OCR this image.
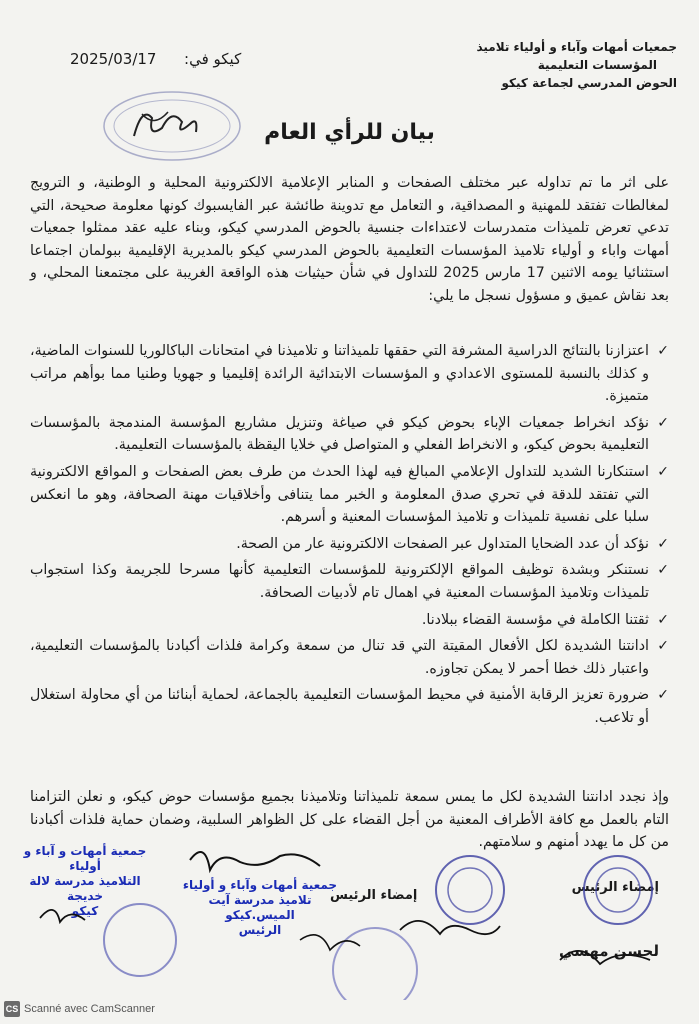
جمعيات أمهات وآباء و أولياء تلاميذ
المؤسسات التعليمية
الحوض المدرسي لجماعة كيكو
2025/03/17 كيكو في:
بيان للرأي العام

على اثر ما تم تداوله عبر مختلف الصفحات و المنابر الإعلامية الالكترونية المحلية و الوطنية، و الترويج لمغالطات تفتقد للمهنية و المصداقية، و التعامل مع تدوينة طائشة عبر الفايسبوك كونها معلومة صحيحة، التي تدعي تعرض تلميذات متمدرسات لاعتداءات جنسية بالحوض المدرسي كيكو، وبناء عليه عقد ممثلوا جمعيات أمهات واباء و أولياء تلاميذ المؤسسات التعليمية بالحوض المدرسي كيكو بالمديرية الإقليمية ببولمان اجتماعا استثنائيا يومه الاثنين 17 مارس 2025 للتداول في شأن حيثيات هذه الواقعة الغريبة على مجتمعنا المحلي، و بعد نقاش عميق و مسؤول نسجل ما يلي:

✓
اعتزازنا بالنتائج الدراسية المشرفة التي حققها تلميذاتنا و تلاميذنا في امتحانات الباكالوريا للسنوات الماضية، و كذلك بالنسبة للمستوى الاعدادي و المؤسسات الابتدائية الرائدة إقليميا و جهويا وطنيا مما بوأهم مراتب متميزة.
✓
نؤكد انخراط جمعيات الإباء بحوض كيكو في صياغة وتنزيل مشاريع المؤسسة المندمجة بالمؤسسات التعليمية بحوض كيكو، و الانخراط الفعلي و المتواصل في خلايا اليقظة بالمؤسسات التعليمية.
✓
استنكارنا الشديد للتداول الإعلامي المبالغ فيه لهذا الحدث من طرف بعض الصفحات و المواقع الالكترونية التي تفتقد للدقة في تحري صدق المعلومة و الخبر مما يتنافى وأخلاقيات مهنة الصحافة، وهو ما انعكس سلبا على نفسية تلميذات و تلاميذ المؤسسات المعنية و أسرهم.
✓
نؤكد أن عدد الضحايا المتداول عبر الصفحات الالكترونية عار من الصحة.
✓
نستنكر وبشدة توظيف المواقع الإلكترونية للمؤسسات التعليمية كأنها مسرحا للجريمة وكذا استجواب تلميذات وتلاميذ المؤسسات المعنية في اهمال تام لأدبيات الصحافة.
✓
ثقتنا الكاملة في مؤسسة القضاء ببلادنا.
✓
ادانتنا الشديدة لكل الأفعال المقيتة التي قد تنال من سمعة وكرامة فلذات أكبادنا بالمؤسسات التعليمية، واعتبار ذلك خطا أحمر لا يمكن تجاوزه.
✓
ضرورة تعزيز الرقابة الأمنية في محيط المؤسسات التعليمية بالجماعة، لحماية أبنائنا من أي محاولة استغلال أو تلاعب.

وإذ نجدد ادانتنا الشديدة لكل ما يمس سمعة تلميذاتنا وتلاميذنا بجميع مؤسسات حوض كيكو، و نعلن التزامنا التام بالعمل مع كافة الأطراف المعنية من أجل القضاء على كل الظواهر السلبية، وضمان حماية فلذات أكبادنا من كل ما يهدد أمنهم و سلامتهم.

إمضاء الرئيس
لحسن مهسي
إمضاء الرئيس
جمعية أمهات و آباء و أولياء
التلاميذ مدرسة لالة خديجة
كيكو
جمعية أمهات وآباء و أولياء
تلاميذ مدرسة آيت الميس.كيكو
الرئيس
CS Scanné avec CamScanner
